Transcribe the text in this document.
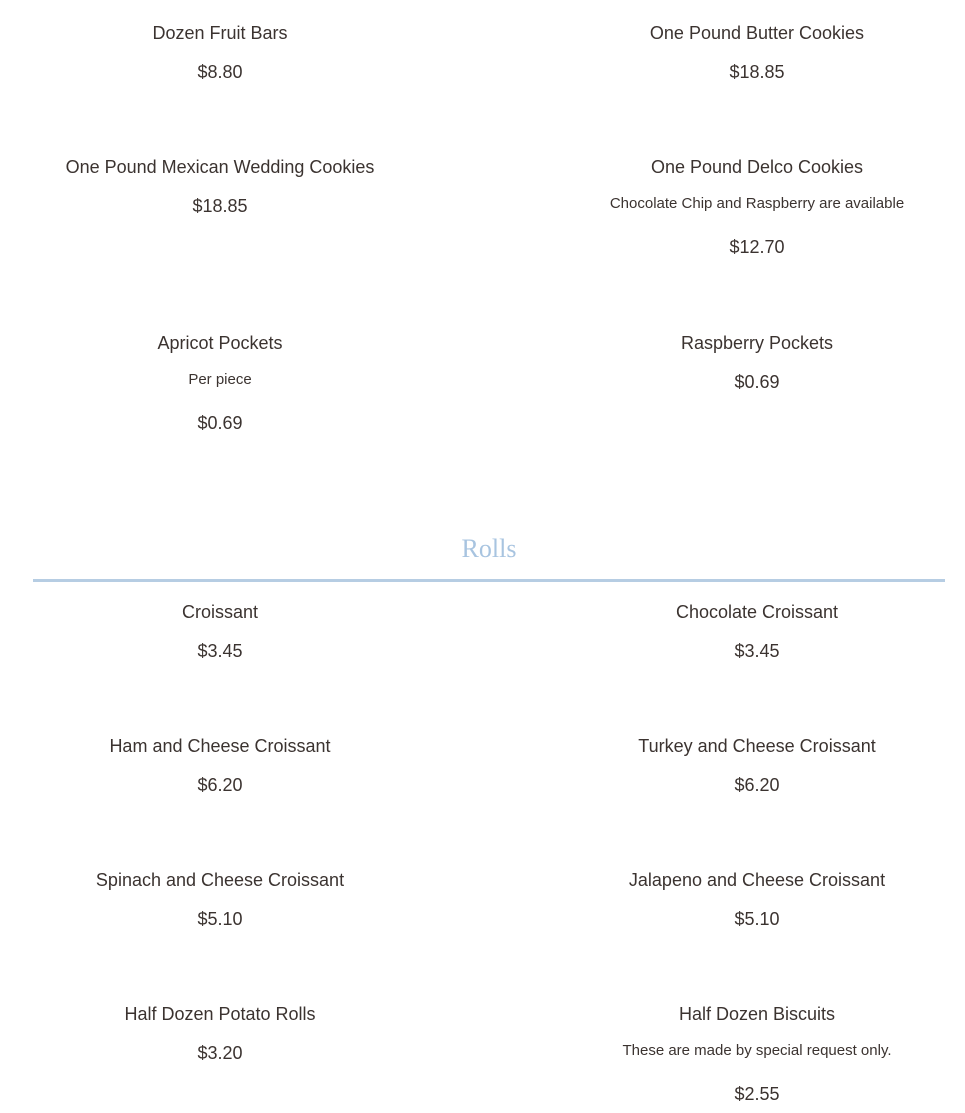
Dozen Fruit Bars
$8.80
One Pound Butter Cookies
$18.85
One Pound Mexican Wedding Cookies
$18.85
One Pound Delco Cookies
Chocolate Chip and Raspberry are available
$12.70
Apricot Pockets
Per piece
$0.69
Raspberry Pockets
$0.69
Rolls
Croissant
$3.45
Chocolate Croissant
$3.45
Ham and Cheese Croissant
$6.20
Turkey and Cheese Croissant
$6.20
Spinach and Cheese Croissant
$5.10
Jalapeno and Cheese Croissant
$5.10
Half Dozen Potato Rolls
$3.20
Half Dozen Biscuits
These are made by special request only.
$2.55
